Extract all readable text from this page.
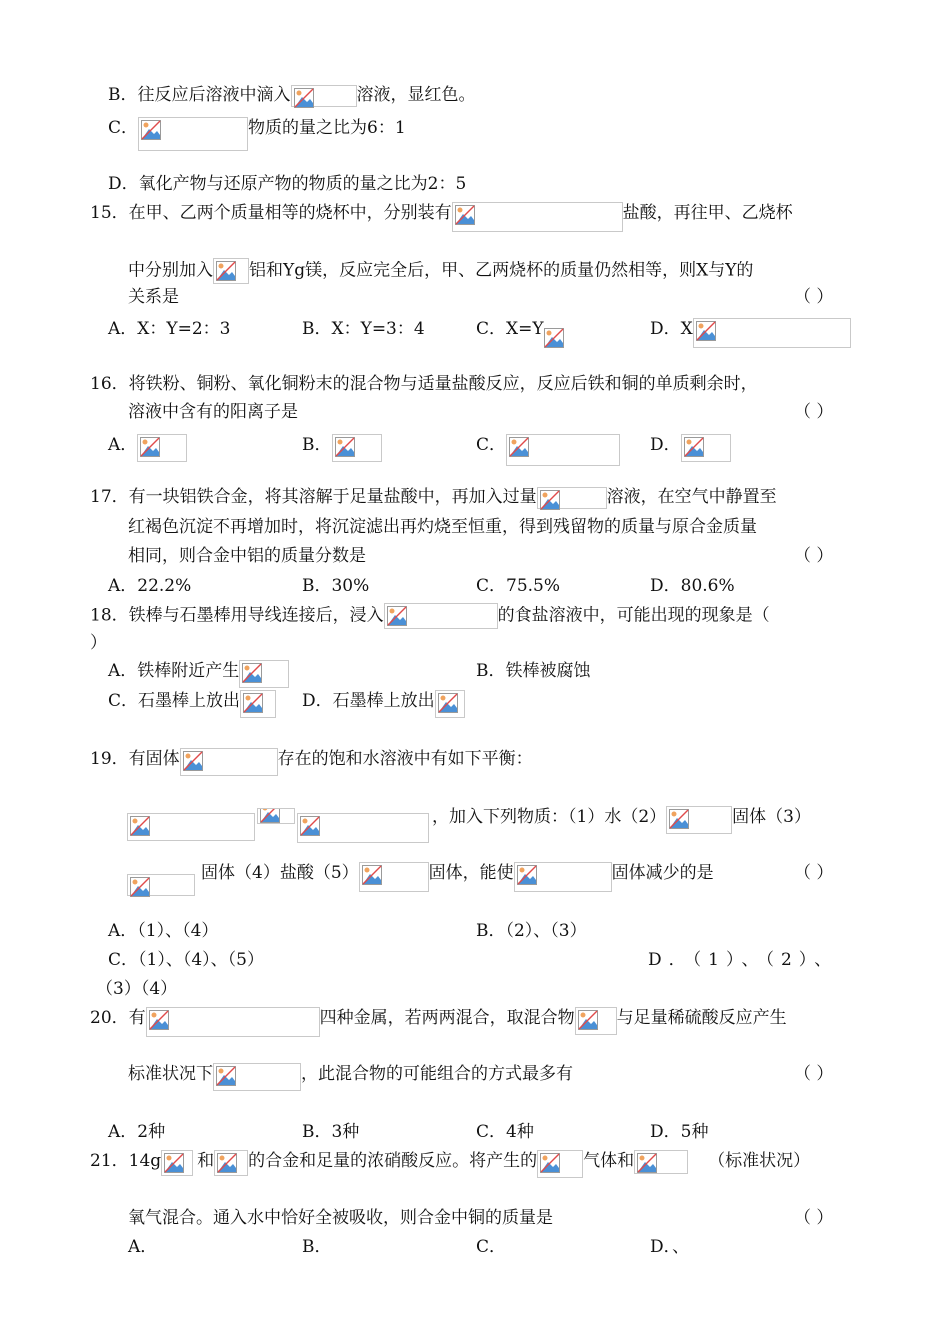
B．往反应后溶液中滴入	溶液，显红色。
C．	物质的量之比为6：1
D．氧化产物与还原产物的物质的量之比为2：5
15．在甲、乙两个质量相等的烧杯中，分别装有	盐酸，再往甲、乙烧杯
中分别加入 铝和Yg镁，反应完全后，甲、乙两烧杯的质量仍然相等，则X与Y的
关系是	（ ）
A．X：Y=2：3	B．X：Y=3：4	C．X=Y	D．X
16．将铁粉、铜粉、氧化铜粉末的混合物与适量盐酸反应，反应后铁和铜的单质剩余时，
溶液中含有的阳离子是	（ ）
A．	B．	C．	D．
17．有一块铝铁合金，将其溶解于足量盐酸中，再加入过量	溶液，在空气中静置至
红褐色沉淀不再增加时，将沉淀滤出再灼烧至恒重，得到残留物的质量与原合金质量
相同，则合金中铝的质量分数是	（ ）
A．22.2%	B．30%	C．75.5%	D．80.6%
18．铁棒与石墨棒用导线连接后，浸入	的食盐溶液中，可能出现的现象是（
）
A．铁棒附近产生	B．铁棒被腐蚀
C．石墨棒上放出	D．石墨棒上放出
19．有固体	存在的饱和水溶液中有如下平衡：
，加入下列物质：（1）水（2）	固体（3）
固体（4）盐酸（5）	固体，能使	固体减少的是	（ ）
A．（1）、（4）	B．（2）、（3）
C．（1）、（4）、（5）	D．（1）、（2）、
（3）（4）
20．有	四种金属，若两两混合，取混合物 与足量稀硫酸反应产生
标准状况下	，此混合物的可能组合的方式最多有	（ ）
A．2种	B．3种	C．4种	D．5种
21．14g 和 的合金和足量的浓硝酸反应。将产生的	气体和	（标准状况）
氧气混合。通入水中恰好全被吸收，则合金中铜的质量是	（ ）
A．	B．	C．	D．、
